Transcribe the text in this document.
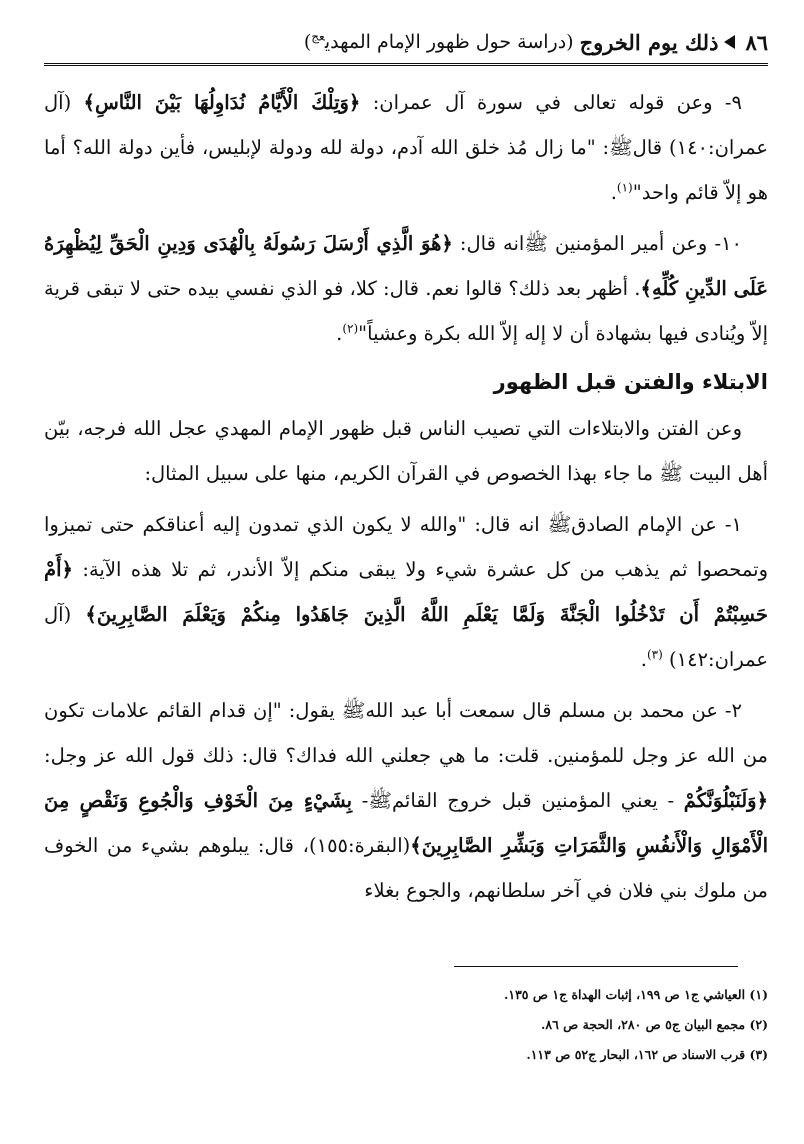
٨٦
ذلك يوم الخروج
(دراسة حول ظهور الإمام المهدي$^{عج}$)

٩- وعن قوله تعالى في سورة آل عمران: ﴿وَتِلْكَ الْأَيَّامُ نُدَاوِلُهَا بَيْنَ النَّاسِ﴾ (آل عمران:١٤٠) قالﷺ: "ما زال مُذ خلق الله آدم، دولة لله ودولة لإبليس، فأين دولة الله؟ أما هو إلاّ قائم واحد"$^{(١)}$.

١٠- وعن أمير المؤمنين ﷺانه قال: ﴿هُوَ الَّذِي أَرْسَلَ رَسُولَهُ بِالْهُدَى وَدِينِ الْحَقِّ لِيُظْهِرَهُ عَلَى الدِّينِ كُلِّهِ﴾. أظهر بعد ذلك؟ قالوا نعم. قال: كلا، فو الذي نفسي بيده حتى لا تبقى قرية إلاّ ويُنادى فيها بشهادة أن لا إله إلاّ الله بكرة وعشياً"$^{(٢)}$.

الابتلاء والفتن قبل الظهور

وعن الفتن والابتلاءات التي تصيب الناس قبل ظهور الإمام المهدي عجل الله فرجه، بيّن أهل البيت ﷺ ما جاء بهذا الخصوص في القرآن الكريم، منها على سبيل المثال:

١- عن الإمام الصادقﷺ انه قال: "والله لا يكون الذي تمدون إليه أعناقكم حتى تميزوا وتمحصوا ثم يذهب من كل عشرة شيء ولا يبقى منكم إلاّ الأندر، ثم تلا هذه الآية: ﴿أَمْ حَسِبْتُمْ أَن تَدْخُلُوا الْجَنَّةَ وَلَمَّا يَعْلَمِ اللَّهُ الَّذِينَ جَاهَدُوا مِنكُمْ وَيَعْلَمَ الصَّابِرِينَ﴾ (آل عمران:١٤٢) $^{(٣)}$.

٢- عن محمد بن مسلم قال سمعت أبا عبد اللهﷺ يقول: "إن قدام القائم علامات تكون من الله عز وجل للمؤمنين. قلت: ما هي جعلني الله فداك؟ قال: ذلك قول الله عز وجل: ﴿وَلَنَبْلُوَنَّكُمْ - يعني المؤمنين قبل خروج القائمﷺ- بِشَيْءٍ مِنَ الْخَوْفِ وَالْجُوعِ وَنَقْصٍ مِنَ الْأَمْوَالِ وَالْأَنفُسِ وَالثَّمَرَاتِ وَبَشِّرِ الصَّابِرِينَ﴾(البقرة:١٥٥)، قال: يبلوهم بشيء من الخوف من ملوك بني فلان في آخر سلطانهم، والجوع بغلاء

(١) العياشي ج١ ص ١٩٩، إثبات الهداة ج١ ص ١٣٥.
(٢) مجمع البيان ج٥ ص ٢٨٠، الحجة ص ٨٦.
(٣) قرب الاسناد ص ١٦٢، البحار ج٥٢ ص ١١٣.
